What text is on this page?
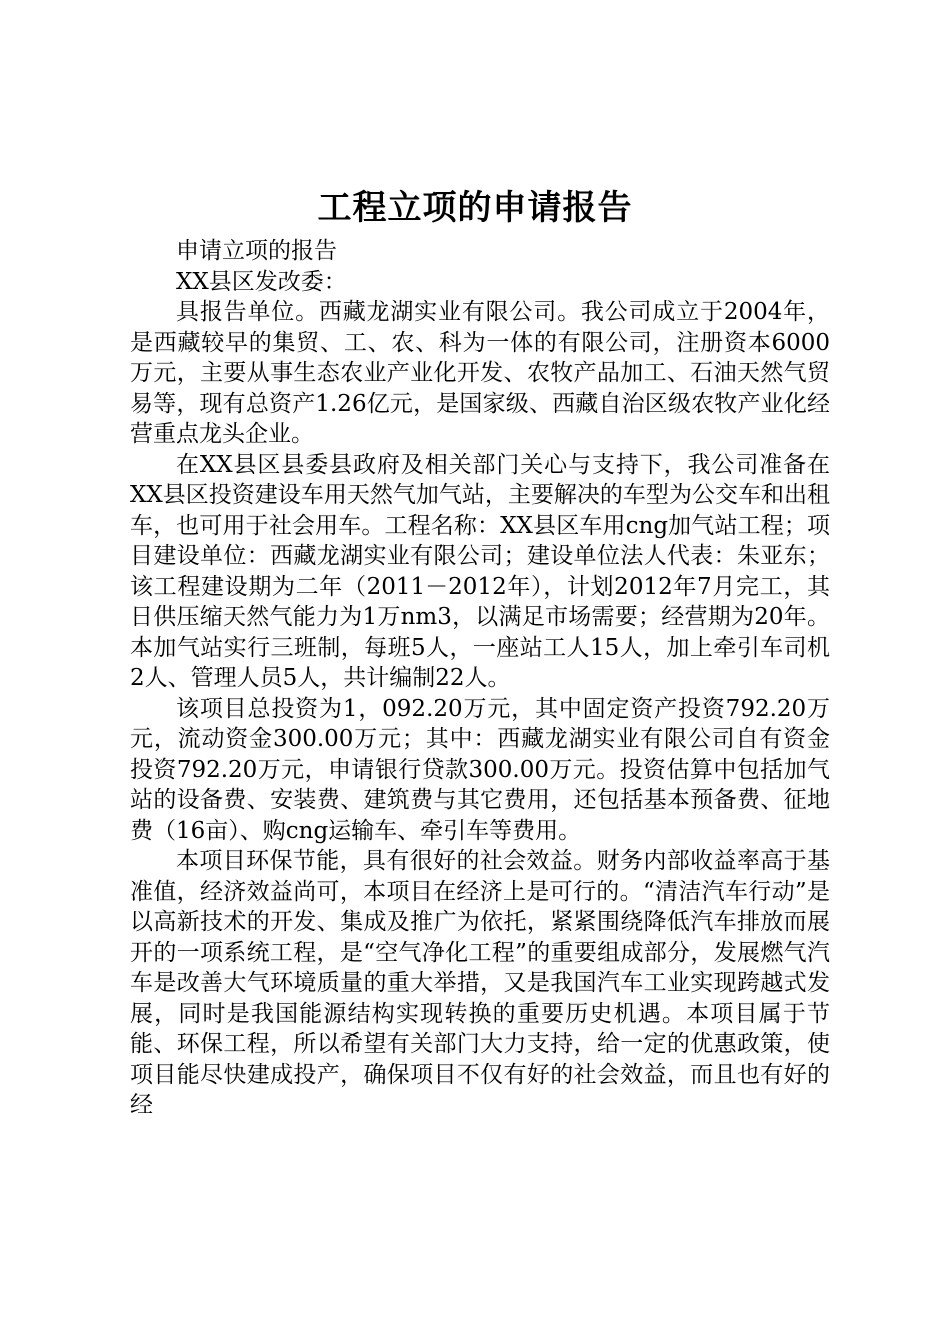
工程立项的申请报告

申请立项的报告

XX县区发改委：

具报告单位。西藏龙湖实业有限公司。我公司成立于2004年，是西藏较早的集贸、工、农、科为一体的有限公司，注册资本6000万元，主要从事生态农业产业化开发、农牧产品加工、石油天然气贸易等，现有总资产1.26亿元，是国家级、西藏自治区级农牧产业化经营重点龙头企业。

在XX县区县委县政府及相关部门关心与支持下，我公司准备在XX县区投资建设车用天然气加气站，主要解决的车型为公交车和出租车，也可用于社会用车。工程名称：XX县区车用cng加气站工程；项目建设单位：西藏龙湖实业有限公司；建设单位法人代表：朱亚东；该工程建设期为二年（2011－2012年），计划2012年7月完工，其日供压缩天然气能力为1万nm3，以满足市场需要；经营期为20年。本加气站实行三班制，每班5人，一座站工人15人，加上牵引车司机2人、管理人员5人，共计编制22人。

该项目总投资为1，092.20万元，其中固定资产投资792.20万元，流动资金300.00万元；其中：西藏龙湖实业有限公司自有资金投资792.20万元，申请银行贷款300.00万元。投资估算中包括加气站的设备费、安装费、建筑费与其它费用，还包括基本预备费、征地费（16亩）、购cng运输车、牵引车等费用。

本项目环保节能，具有很好的社会效益。财务内部收益率高于基准值，经济效益尚可，本项目在经济上是可行的。“清洁汽车行动”是以高新技术的开发、集成及推广为依托，紧紧围绕降低汽车排放而展开的一项系统工程，是“空气净化工程”的重要组成部分，发展燃气汽车是改善大气环境质量的重大举措，又是我国汽车工业实现跨越式发展，同时是我国能源结构实现转换的重要历史机遇。本项目属于节能、环保工程，所以希望有关部门大力支持，给一定的优惠政策，使项目能尽快建成投产，确保项目不仅有好的社会效益，而且也有好的经
